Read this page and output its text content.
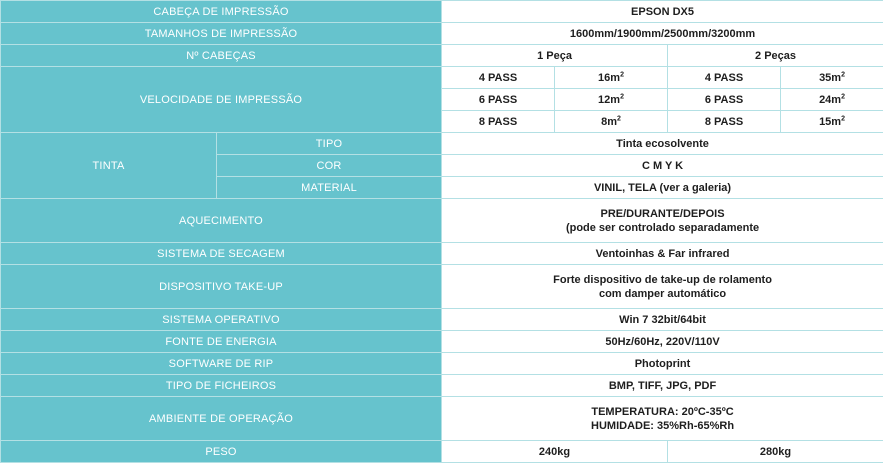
CABEÇA DE IMPRESSÃO		EPSON DX5			
TAMANHOS DE IMPRESSÃO		1600mm/1900mm/2500mm/3200mm			
Nº CABEÇAS		1 Peça		2 Peças	
VELOCIDADE DE IMPRESSÃO		4 PASS	$16m^2$	4 PASS	$35m^2$
		6 PASS	$12m^2$	6 PASS	$24m^2$
		8 PASS	$8m^2$	8 PASS	$15m^2$
TINTA	TIPO	Tinta ecosolvente			
	COR	C M Y K			
	MATERIAL	VINIL, TELA (ver a galeria)			
AQUECIMENTO		PRE/DURANTE/DEPOIS
(pode ser controlado separadamente			

SISTEMA DE SECAGEM		Ventoinhas & Far infrared			
DISPOSITIVO TAKE-UP		Forte dispositivo de take-up de rolamento
com damper automático			

SISTEMA OPERATIVO		Win 7 32bit/64bit			
FONTE DE ENERGIA		50Hz/60Hz, 220V/110V			
SOFTWARE DE RIP		Photoprint			
TIPO DE FICHEIROS		BMP, TIFF, JPG, PDF			
AMBIENTE DE OPERAÇÃO		TEMPERATURA: 20ºC-35ºC
HUMIDADE: 35%Rh-65%Rh			

PESO		240kg		280kg	
